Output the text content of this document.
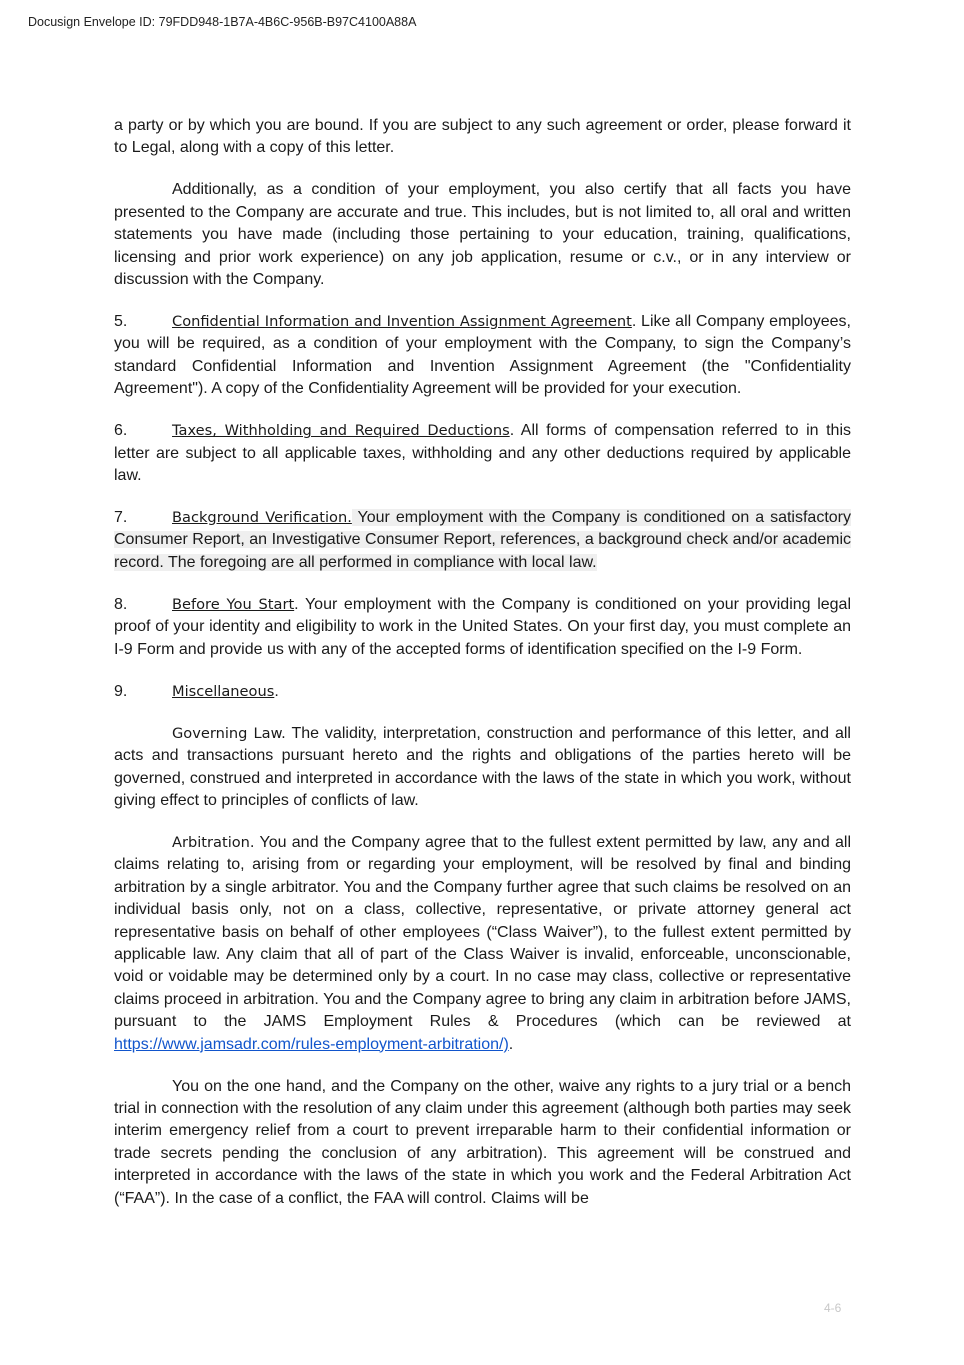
Docusign Envelope ID: 79FDD948-1B7A-4B6C-956B-B97C4100A88A

a party or by which you are bound. If you are subject to any such agreement or order, please forward it to Legal, along with a copy of this letter.

Additionally, as a condition of your employment, you also certify that all facts you have presented to the Company are accurate and true. This includes, but is not limited to, all oral and written statements you have made (including those pertaining to your education, training, qualifications, licensing and prior work experience) on any job application, resume or c.v., or in any interview or discussion with the Company.

5.	Confidential Information and Invention Assignment Agreement. Like all Company employees, you will be required, as a condition of your employment with the Company, to sign the Company’s standard Confidential Information and Invention Assignment Agreement (the "Confidentiality Agreement"). A copy of the Confidentiality Agreement will be provided for your execution.

6.	Taxes, Withholding and Required Deductions. All forms of compensation referred to in this letter are subject to all applicable taxes, withholding and any other deductions required by applicable law.

7.	Background Verification. Your employment with the Company is conditioned on a satisfactory Consumer Report, an Investigative Consumer Report, references, a background check and/or academic record. The foregoing are all performed in compliance with local law.

8.	Before You Start. Your employment with the Company is conditioned on your providing legal proof of your identity and eligibility to work in the United States. On your first day, you must complete an I-9 Form and provide us with any of the accepted forms of identification specified on the I-9 Form.

9.	Miscellaneous.

Governing Law. The validity, interpretation, construction and performance of this letter, and all acts and transactions pursuant hereto and the rights and obligations of the parties hereto will be governed, construed and interpreted in accordance with the laws of the state in which you work, without giving effect to principles of conflicts of law.

Arbitration. You and the Company agree that to the fullest extent permitted by law, any and all claims relating to, arising from or regarding your employment, will be resolved by final and binding arbitration by a single arbitrator. You and the Company further agree that such claims be resolved on an individual basis only, not on a class, collective, representative, or private attorney general act representative basis on behalf of other employees (“Class Waiver”), to the fullest extent permitted by applicable law. Any claim that all of part of the Class Waiver is invalid, enforceable, unconscionable, void or voidable may be determined only by a court. In no case may class, collective or representative claims proceed in arbitration. You and the Company agree to bring any claim in arbitration before JAMS, pursuant to the JAMS Employment Rules & Procedures (which can be reviewed at https://www.jamsadr.com/rules-employment-arbitration/).

You on the one hand, and the Company on the other, waive any rights to a jury trial or a bench trial in connection with the resolution of any claim under this agreement (although both parties may seek interim emergency relief from a court to prevent irreparable harm to their confidential information or trade secrets pending the conclusion of any arbitration). This agreement will be construed and interpreted in accordance with the laws of the state in which you work and the Federal Arbitration Act (“FAA”). In the case of a conflict, the FAA will control. Claims will be

4-6
